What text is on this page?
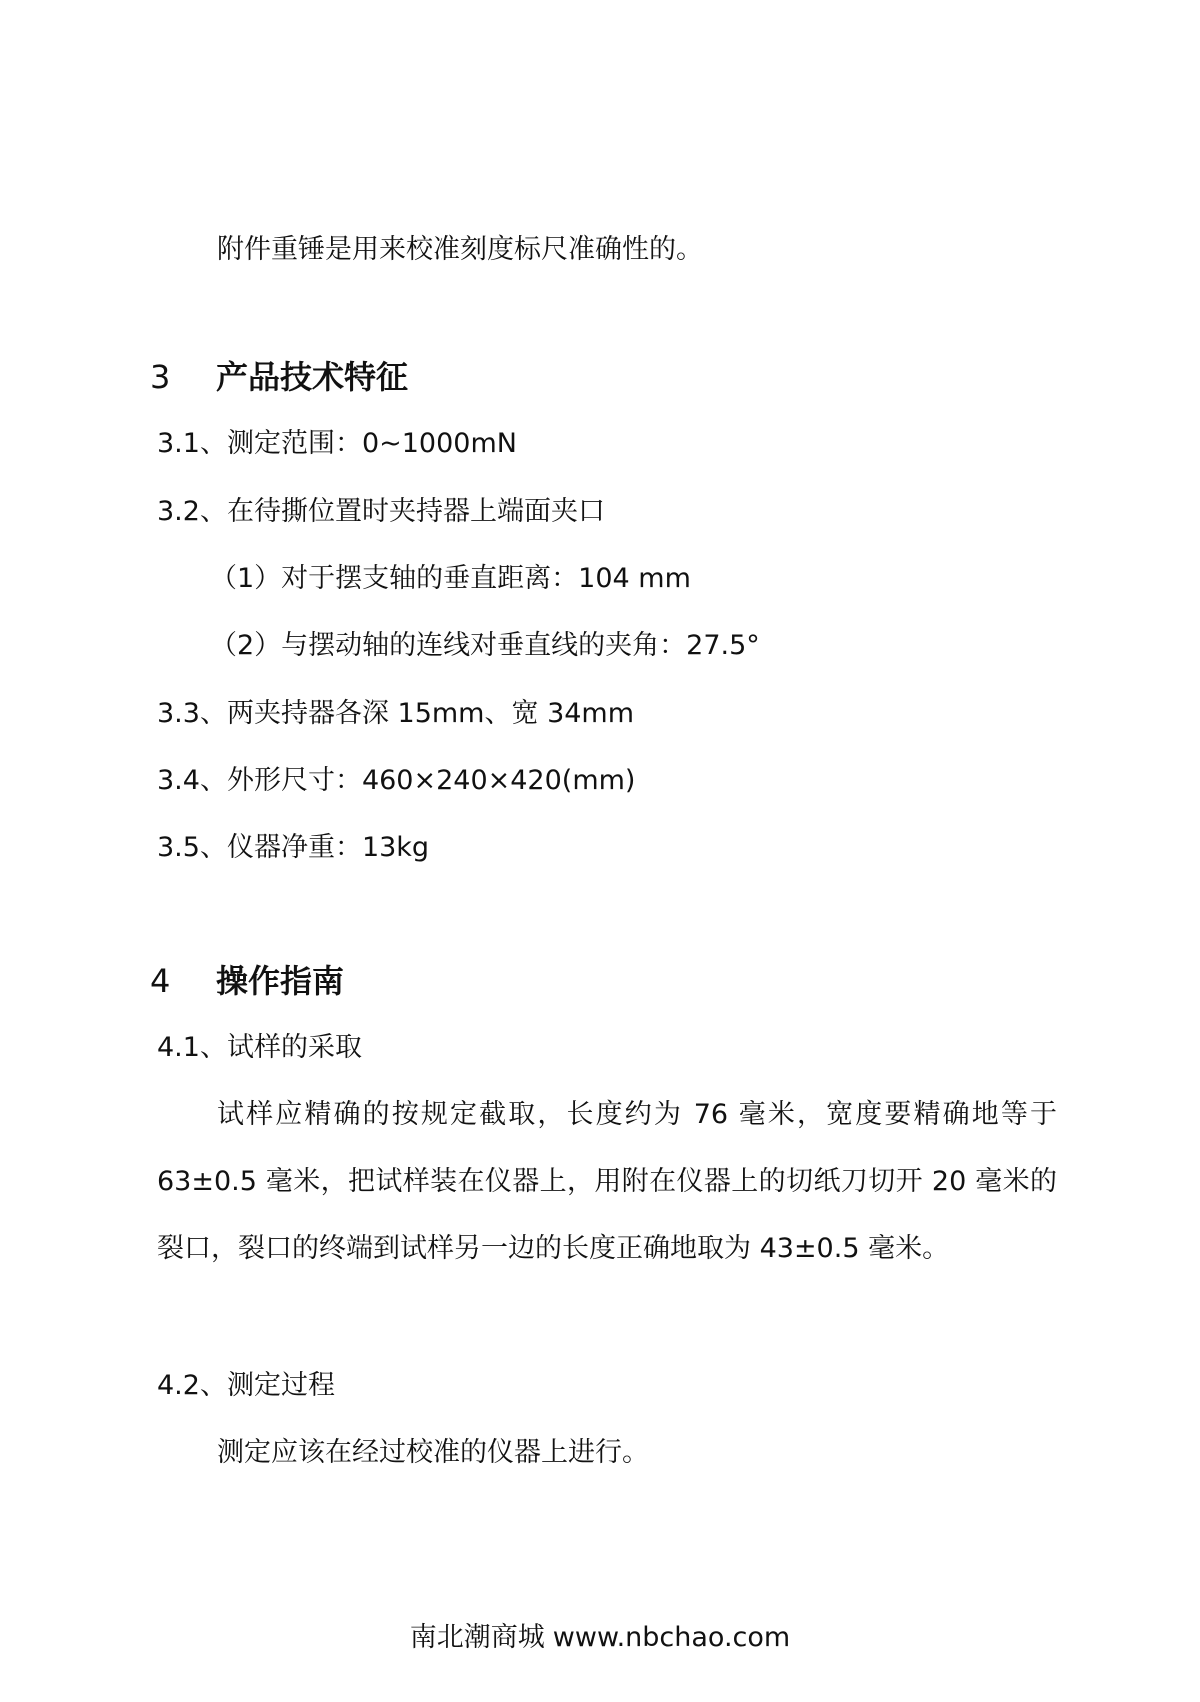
附件重锤是用来校准刻度标尺准确性的。
3 产品技术特征
3.1、测定范围：0~1000mN
3.2、在待撕位置时夹持器上端面夹口
（1）对于摆支轴的垂直距离：104 mm
（2）与摆动轴的连线对垂直线的夹角：27.5°
3.3、两夹持器各深 15mm、宽 34mm
3.4、外形尺寸：460×240×420(mm)
3.5、仪器净重：13kg
4 操作指南
4.1、试样的采取
试样应精确的按规定截取，长度约为 76 毫米，宽度要精确地等于 63±0.5 毫米，把试样装在仪器上，用附在仪器上的切纸刀切开 20 毫米的裂口，裂口的终端到试样另一边的长度正确地取为 43±0.5 毫米。
4.2、测定过程
测定应该在经过校准的仪器上进行。
南北潮商城 www.nbchao.com
